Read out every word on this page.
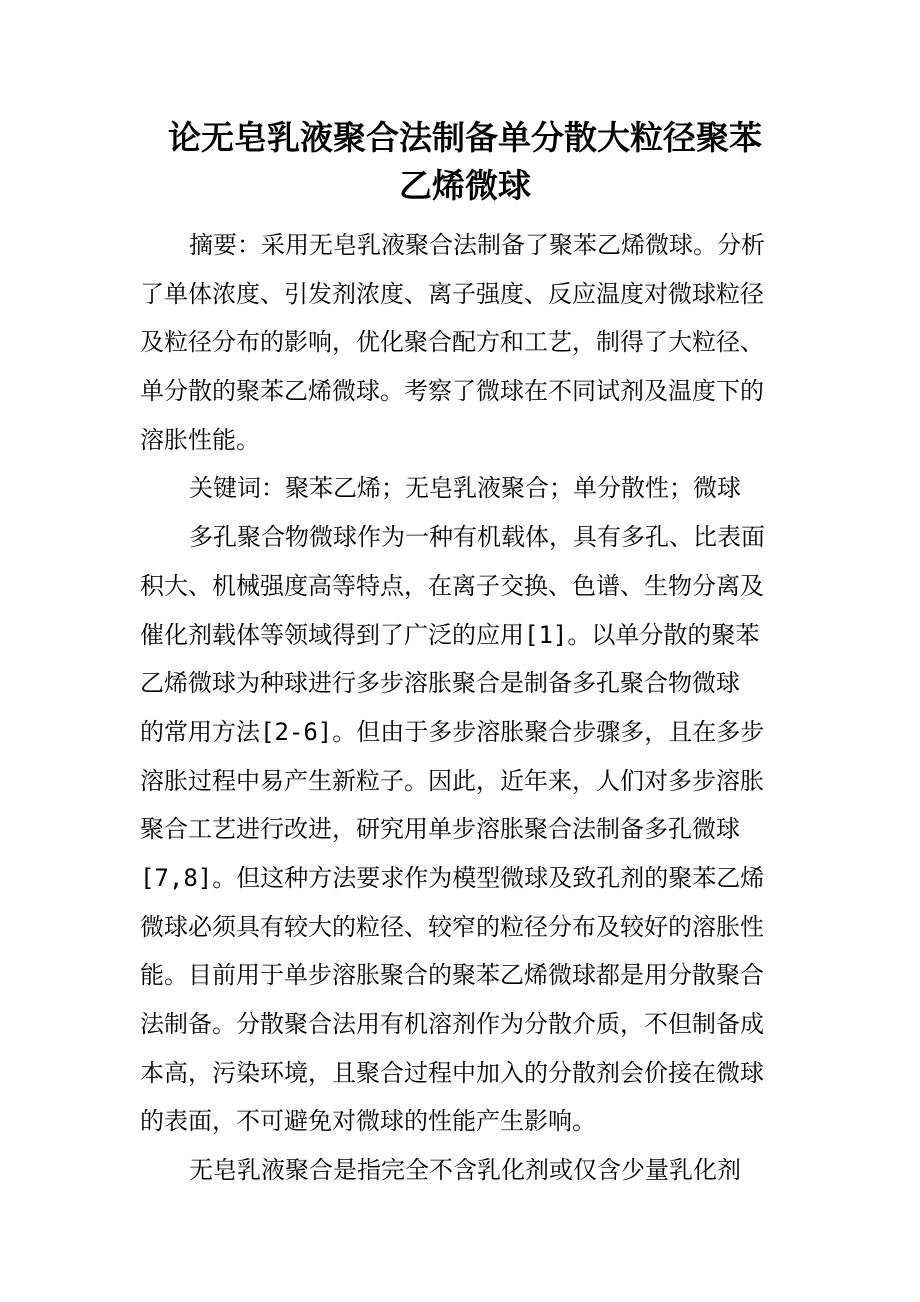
论无皂乳液聚合法制备单分散大粒径聚苯
乙烯微球
摘要：采用无皂乳液聚合法制备了聚苯乙烯微球。分析
了单体浓度、引发剂浓度、离子强度、反应温度对微球粒径
及粒径分布的影响，优化聚合配方和工艺，制得了大粒径、
单分散的聚苯乙烯微球。考察了微球在不同试剂及温度下的
溶胀性能。
关键词：聚苯乙烯；无皂乳液聚合；单分散性；微球
多孔聚合物微球作为一种有机载体，具有多孔、比表面
积大、机械强度高等特点，在离子交换、色谱、生物分离及
催化剂载体等领域得到了广泛的应用[1]。以单分散的聚苯
乙烯微球为种球进行多步溶胀聚合是制备多孔聚合物微球
的常用方法[2-6]。但由于多步溶胀聚合步骤多，且在多步
溶胀过程中易产生新粒子。因此，近年来，人们对多步溶胀
聚合工艺进行改进，研究用单步溶胀聚合法制备多孔微球
[7,8]。但这种方法要求作为模型微球及致孔剂的聚苯乙烯
微球必须具有较大的粒径、较窄的粒径分布及较好的溶胀性
能。目前用于单步溶胀聚合的聚苯乙烯微球都是用分散聚合
法制备。分散聚合法用有机溶剂作为分散介质，不但制备成
本高，污染环境，且聚合过程中加入的分散剂会价接在微球
的表面，不可避免对微球的性能产生影响。
无皂乳液聚合是指完全不含乳化剂或仅含少量乳化剂
